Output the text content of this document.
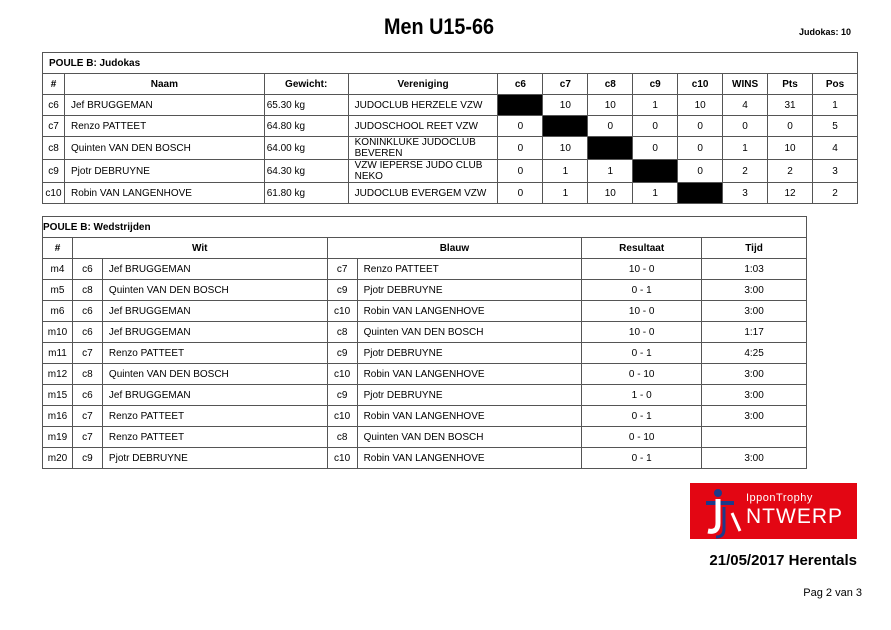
Men U15-66	Judokas: 10
POULE B: Judokas											
#	Naam	Gewicht:	Vereniging	c6	c7	c8	c9	c10	WINS	Pts	Pos
c6	Jef BRUGGEMAN	65.30 kg	JUDOCLUB HERZELE VZW		10	10	1	10	4	31	1
c7	Renzo PATTEET	64.80 kg	JUDOSCHOOL REET VZW	0		0	0	0	0	0	5
c8	Quinten VAN DEN BOSCH	64.00 kg	KONINKLUKE JUDOCLUB BEVEREN	0	10		0	0	1	10	4
c9	Pjotr DEBRUYNE	64.30 kg	VZW IEPERSE JUDO CLUB NEKO	0	1	1		0	2	2	3
c10	Robin VAN LANGENHOVE	61.80 kg	JUDOCLUB EVERGEM VZW	0	1	10	1		3	12	2
POULE B: Wedstrijden						
#	Wit		Blauw		Resultaat	Tijd
m4	c6	Jef BRUGGEMAN	c7	Renzo PATTEET	10 - 0	1:03
m5	c8	Quinten VAN DEN BOSCH	c9	Pjotr DEBRUYNE	0 - 1	3:00
m6	c6	Jef BRUGGEMAN	c10	Robin VAN LANGENHOVE	10 - 0	3:00
m10	c6	Jef BRUGGEMAN	c8	Quinten VAN DEN BOSCH	10 - 0	1:17
m11	c7	Renzo PATTEET	c9	Pjotr DEBRUYNE	0 - 1	4:25
m12	c8	Quinten VAN DEN BOSCH	c10	Robin VAN LANGENHOVE	0 - 10	3:00
m15	c6	Jef BRUGGEMAN	c9	Pjotr DEBRUYNE	1 - 0	3:00
m16	c7	Renzo PATTEET	c10	Robin VAN LANGENHOVE	0 - 1	3:00
m19	c7	Renzo PATTEET	c8	Quinten VAN DEN BOSCH	0 - 10	
m20	c9	Pjotr DEBRUYNE	c10	Robin VAN LANGENHOVE	0 - 1	3:00
IpponTrophy
NTWERP
21/05/2017 Herentals
Pag 2 van 3
